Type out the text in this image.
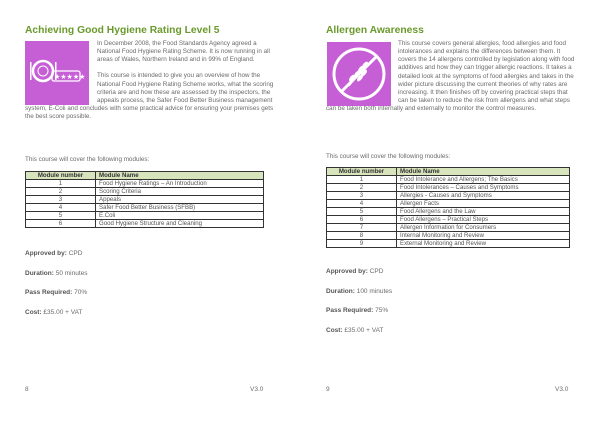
Achieving Good Hygiene Rating Level 5
★★★★★

In December 2008, the Food Standards Agency agreed a National Food Hygiene Rating Scheme. It is now running in all areas of Wales, Northern Ireland and in 99% of England.

This course is intended to give you an overview of how the National Food Hygiene Rating Scheme works, what the scoring criteria are and how these are assessed by the inspectors, the appeals process, the Safer Food Better Business management system, E-Coli and concludes with some practical advice for ensuring your premises gets the best score possible.

This course will cover the following modules:
Module number	Module Name
1	Food Hygiene Ratings – An Introduction
2	Scoring Criteria
3	Appeals
4	Safer Food Better Business (SFBB)
5	E.Coli
6	Good Hygiene Structure and Cleaning

Approved by: CPD

Duration: 50 minutes

Pass Required: 70%

Cost: £35.00 + VAT

8	V3.0
Allergen Awareness

This course covers general allergies, food allergies and food intolerances and explains the differences between them. It covers the 14 allergens controlled by legislation along with food additives and how they can trigger allergic reactions. It takes a detailed look at the symptoms of food allergies and takes in the wider picture discussing the current theories of why rates are increasing. It then finishes off by covering practical steps that can be taken to reduce the risk from allergens and what steps can be taken both internally and externally to monitor the control measures.

This course will cover the following modules:
Module number	Module Name
1	Food Intolerance and Allergens; The Basics
2	Food Intolerances – Causes and Symptoms
3	Allergies - Causes and Symptoms
4	Allergen Facts
5	Food Allergens and the Law
6	Food Allergens – Practical Steps
7	Allergen Information for Consumers
8	Internal Monitoring and Review
9	External Monitoring and Review

Approved by: CPD

Duration: 100 minutes

Pass Required: 75%

Cost: £35.00 + VAT

9	V3.0
